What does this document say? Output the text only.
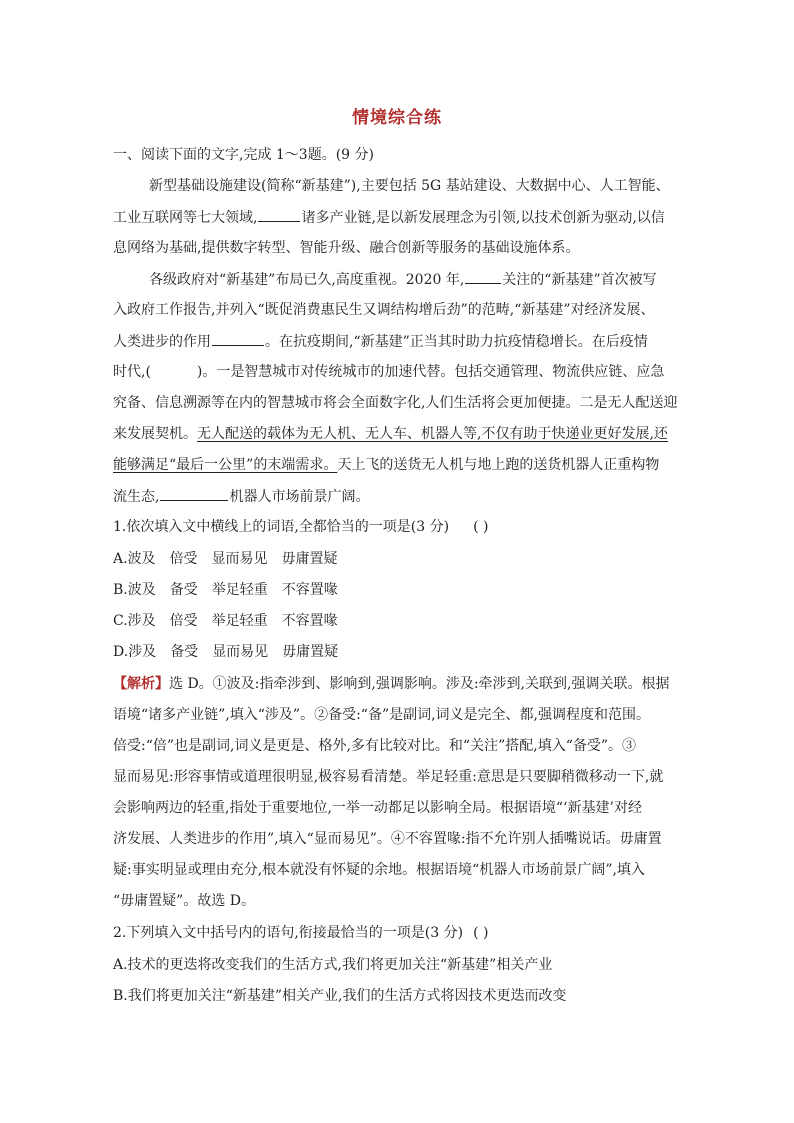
情境综合练
一、阅读下面的文字,完成 1～3题。(9 分)
新型基础设施建设(简称“新基建”),主要包括 5G 基站建设、大数据中心、人工智能、
工业互联网等七大领域,	诸多产业链,是以新发展理念为引领,以技术创新为驱动,以信
息网络为基础,提供数字转型、智能升级、融合创新等服务的基础设施体系。
各级政府对“新基建”布局已久,高度重视。2020 年,	关注的“新基建”首次被写
入政府工作报告,并列入“既促消费惠民生又调结构增后劲”的范畴,“新基建”对经济发展、
人类进步的作用	。在抗疫期间,“新基建”正当其时助力抗疫情稳增长。在后疫情
时代,(	)。一是智慧城市对传统城市的加速代替。包括交通管理、物流供应链、应急
究备、信息溯源等在内的智慧城市将会全面数字化,人们生活将会更加便捷。二是无人配送迎
来发展契机。无人配送的载体为无人机、无人车、机器人等,不仅有助于快递业更好发展,还
能够满足“最后一公里”的末端需求。天上飞的送货无人机与地上跑的送货机器人正重构物
流生态,	机器人市场前景广阔。
1.依次填入文中横线上的词语,全都恰当的一项是(3 分) ( )
A.波及 倍受 显而易见 毋庸置疑
B.波及 备受 举足轻重 不容置喙
C.涉及 倍受 举足轻重 不容置喙
D.涉及 备受 显而易见 毋庸置疑
【解析】选 D。①波及:指牵涉到、影响到,强调影响。涉及:牵涉到,关联到,强调关联。根据
语境“诸多产业链”,填入“涉及”。②备受:“备”是副词,词义是完全、都,强调程度和范围。
倍受:“倍”也是副词,词义是更是、格外,多有比较对比。和“关注”搭配,填入“备受”。③
显而易见:形容事情或道理很明显,极容易看清楚。举足轻重:意思是只要脚稍微移动一下,就
会影响两边的轻重,指处于重要地位,一举一动都足以影响全局。根据语境“‘新基建’对经
济发展、人类进步的作用”,填入“显而易见”。④不容置喙:指不允许别人插嘴说话。毋庸置
疑:事实明显或理由充分,根本就没有怀疑的余地。根据语境“机器人市场前景广阔”,填入
“毋庸置疑”。故选 D。
2.下列填入文中括号内的语句,衔接最恰当的一项是(3 分) ( )
A.技术的更迭将改变我们的生活方式,我们将更加关注“新基建”相关产业
B.我们将更加关注“新基建”相关产业,我们的生活方式将因技术更迭而改变
